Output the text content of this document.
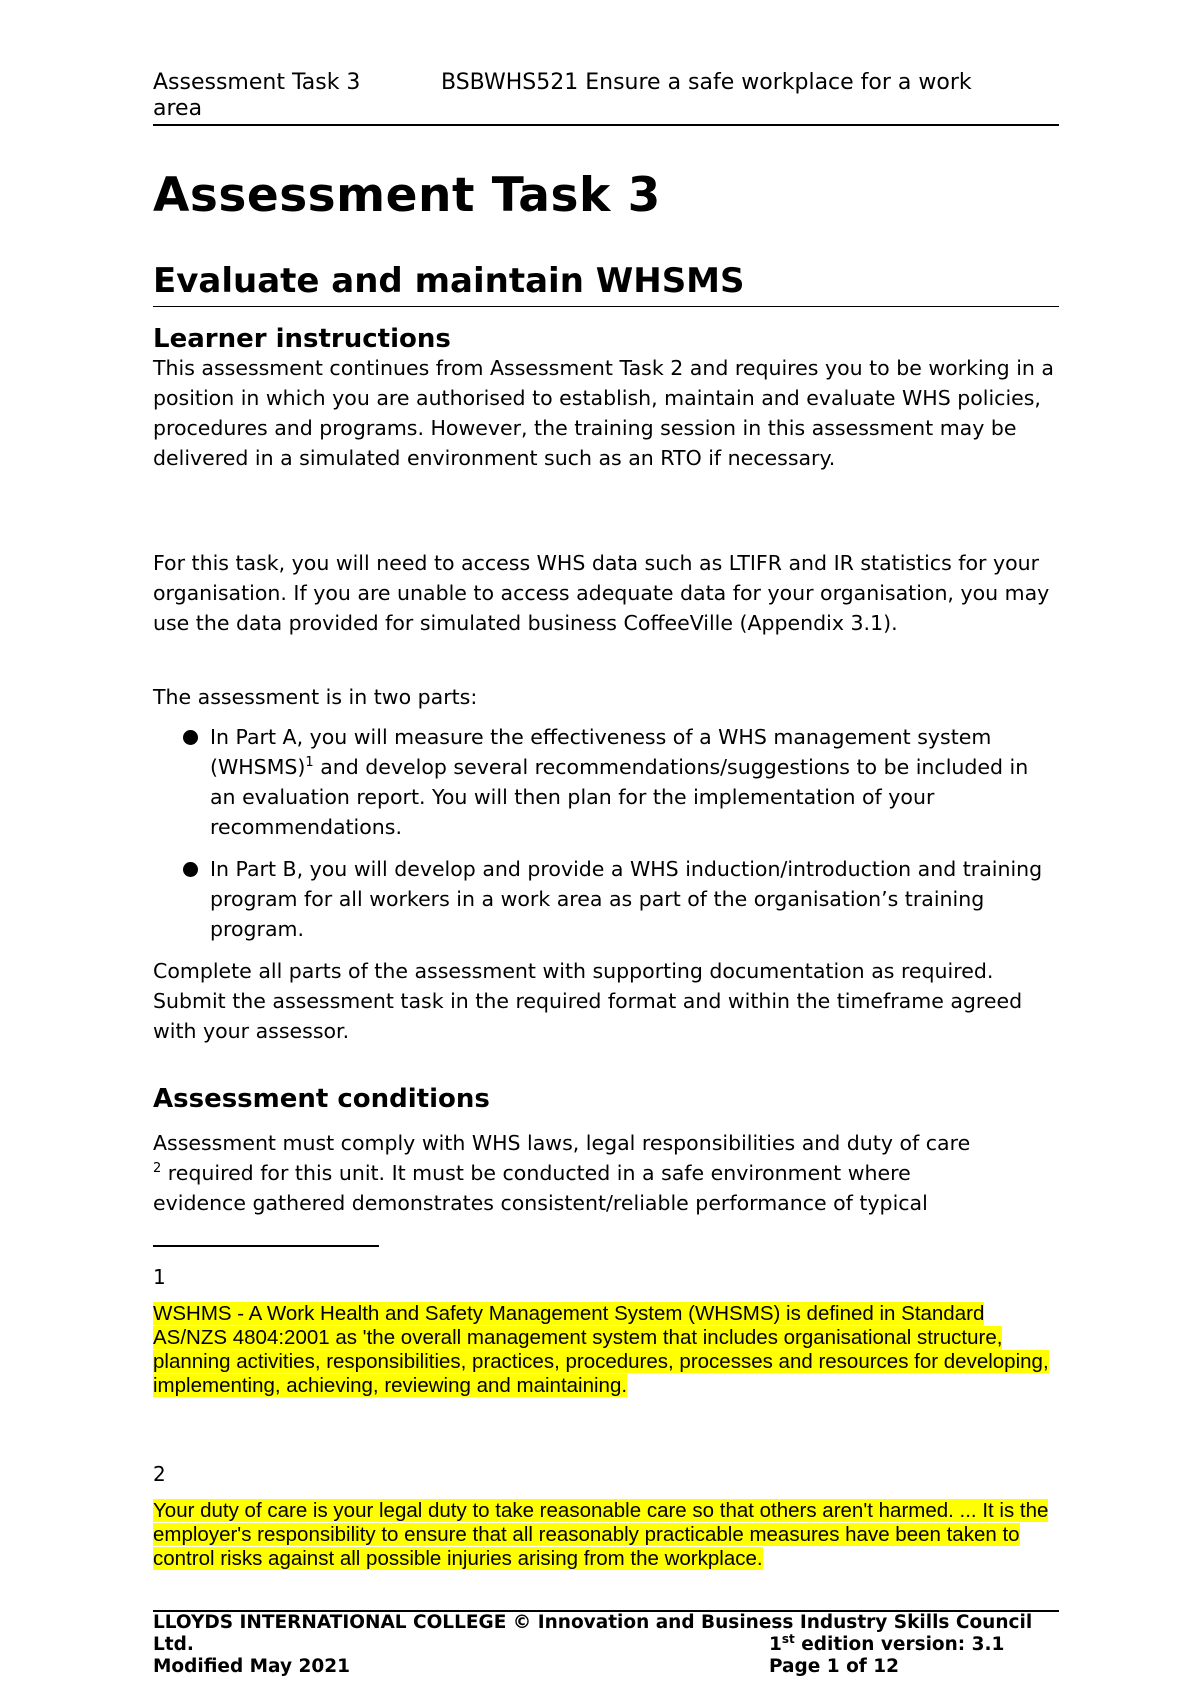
Assessment Task 3	BSBWHS521 Ensure a safe workplace for a work
area
Assessment Task 3
Evaluate and maintain WHSMS
Learner instructions

This assessment continues from Assessment Task 2 and requires you to be working in a position in which you are authorised to establish, maintain and evaluate WHS policies, procedures and programs. However, the training session in this assessment may be delivered in a simulated environment such as an RTO if necessary.

For this task, you will need to access WHS data such as LTIFR and IR statistics for your organisation. If you are unable to access adequate data for your organisation, you may use the data provided for simulated business CoffeeVille (Appendix 3.1).

The assessment is in two parts:

In Part A, you will measure the effectiveness of a WHS management system (WHSMS)$^1$ and develop several recommendations/suggestions to be included in an evaluation report. You will then plan for the implementation of your recommendations.
In Part B, you will develop and provide a WHS induction/introduction and training program for all workers in a work area as part of the organisation’s training program.

Complete all parts of the assessment with supporting documentation as required. Submit the assessment task in the required format and within the timeframe agreed with your assessor.

Assessment conditions

Assessment must comply with WHS laws, legal responsibilities and duty of care
$^2$ required for this unit. It must be conducted in a safe environment where
evidence gathered demonstrates consistent/reliable performance of typical

1

WSHMS - A Work Health and Safety Management System (WHSMS) is defined in Standard AS/NZS 4804:2001 as 'the overall management system that includes organisational structure, planning activities, responsibilities, practices, procedures, processes and resources for developing, implementing, achieving, reviewing and maintaining.

2

Your duty of care is your legal duty to take reasonable care so that others aren't harmed. ... It is the employer's responsibility to ensure that all reasonably practicable measures have been taken to control risks against all possible injuries arising from the workplace.

LLOYDS INTERNATIONAL COLLEGE © Innovation and Business Industry Skills Council
Ltd.	1st edition version: 3.1
Modified May 2021	Page 1 of 12
